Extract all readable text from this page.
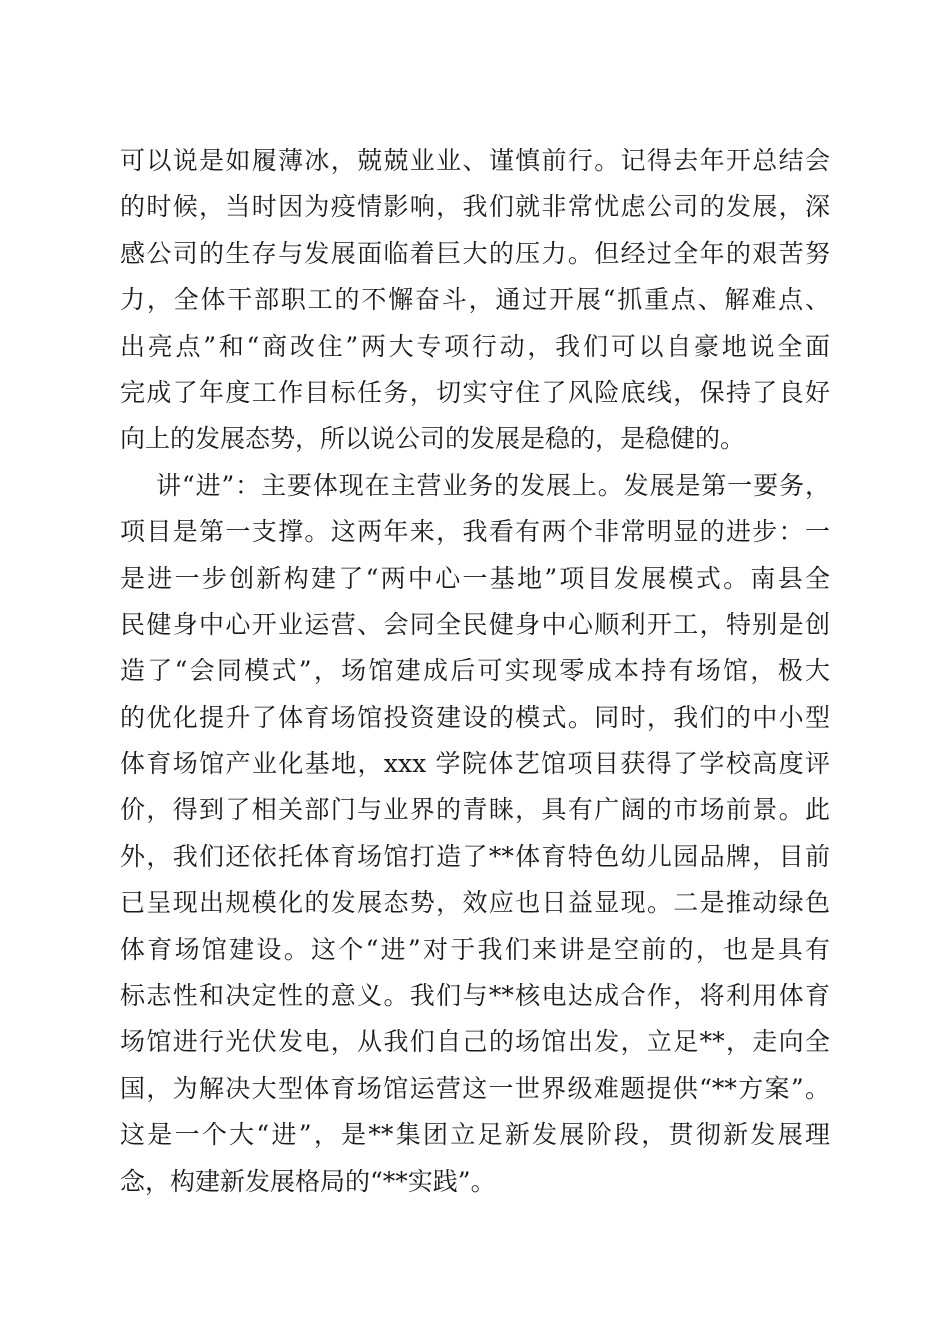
可以说是如履薄冰，兢兢业业、谨慎前行。记得去年开总结会
的时候，当时因为疫情影响，我们就非常忧虑公司的发展，深
感公司的生存与发展面临着巨大的压力。但经过全年的艰苦努
力，全体干部职工的不懈奋斗，通过开展“抓重点、解难点、
出亮点”和“商改住”两大专项行动，我们可以自豪地说全面
完成了年度工作目标任务，切实守住了风险底线，保持了良好
向上的发展态势，所以说公司的发展是稳的，是稳健的。
讲“进”：主要体现在主营业务的发展上。发展是第一要务，
项目是第一支撑。这两年来，我看有两个非常明显的进步：一
是进一步创新构建了“两中心一基地”项目发展模式。南县全
民健身中心开业运营、会同全民健身中心顺利开工，特别是创
造了“会同模式”，场馆建成后可实现零成本持有场馆，极大
的优化提升了体育场馆投资建设的模式。同时，我们的中小型
体育场馆产业化基地，xxx 学院体艺馆项目获得了学校高度评
价，得到了相关部门与业界的青睐，具有广阔的市场前景。此
外，我们还依托体育场馆打造了**体育特色幼儿园品牌，目前
已呈现出规模化的发展态势，效应也日益显现。二是推动绿色
体育场馆建设。这个“进”对于我们来讲是空前的，也是具有
标志性和决定性的意义。我们与**核电达成合作，将利用体育
场馆进行光伏发电，从我们自己的场馆出发，立足**，走向全
国，为解决大型体育场馆运营这一世界级难题提供“**方案”。
这是一个大“进”，是**集团立足新发展阶段，贯彻新发展理
念，构建新发展格局的“**实践”。
